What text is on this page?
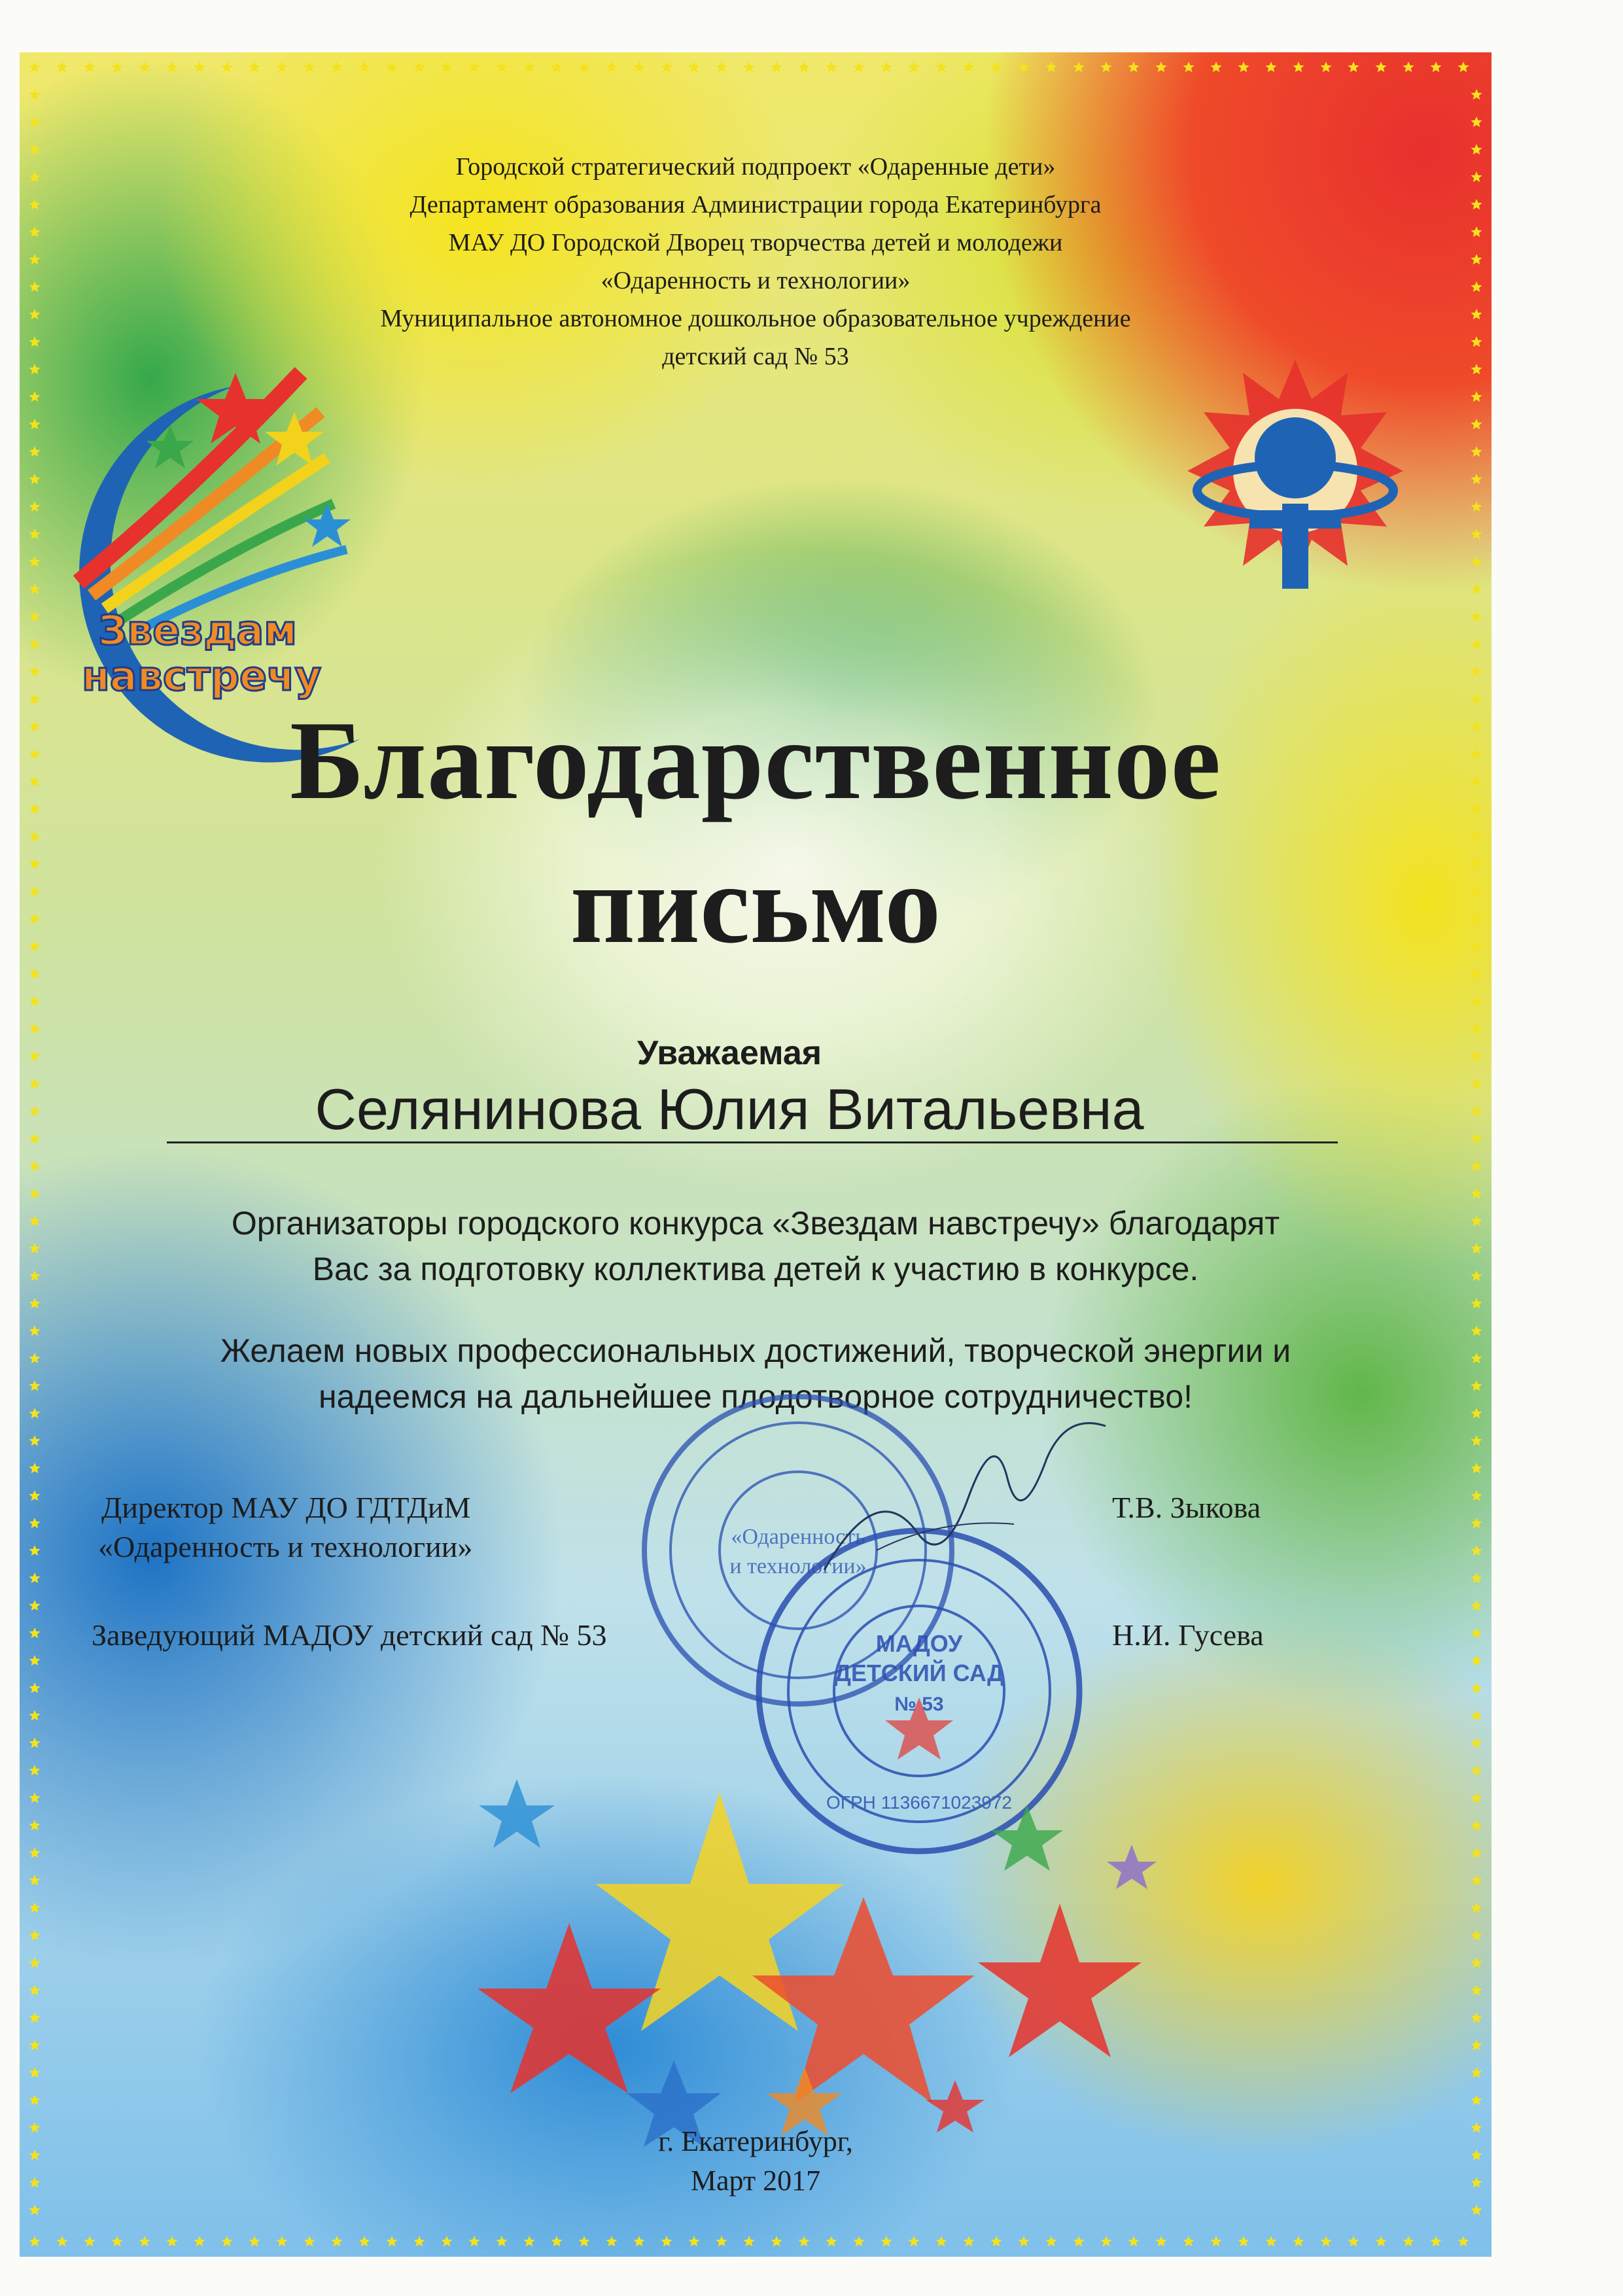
Звездам
навстречу
Городской стратегический подпроект «Одаренные дети»
Департамент образования Администрации города Екатеринбурга
МАУ ДО Городской Дворец творчества детей и молодежи
«Одаренность и технологии»
Муниципальное автономное дошкольное образовательное учреждение
детский сад № 53
Благодарственное
письмо
Уважаемая
Селянинова Юлия Витальевна
Организаторы городского конкурса «Звездам навстречу» благодарят
Вас за подготовку коллектива детей к участию в конкурсе.
Желаем новых профессиональных достижений, творческой энергии и
надеемся на дальнейшее плодотворное сотрудничество!
«Одаренность
и технологии»
МАДОУ
ДЕТСКИЙ САД
№ 53
ОГРН 1136671023972
Директор МАУ ДО ГДТДиМ
«Одаренность и технологии»
Т.В. Зыкова
Заведующий МАДОУ детский сад № 53	Н.И. Гусева
г. Екатеринбург,
Март 2017
